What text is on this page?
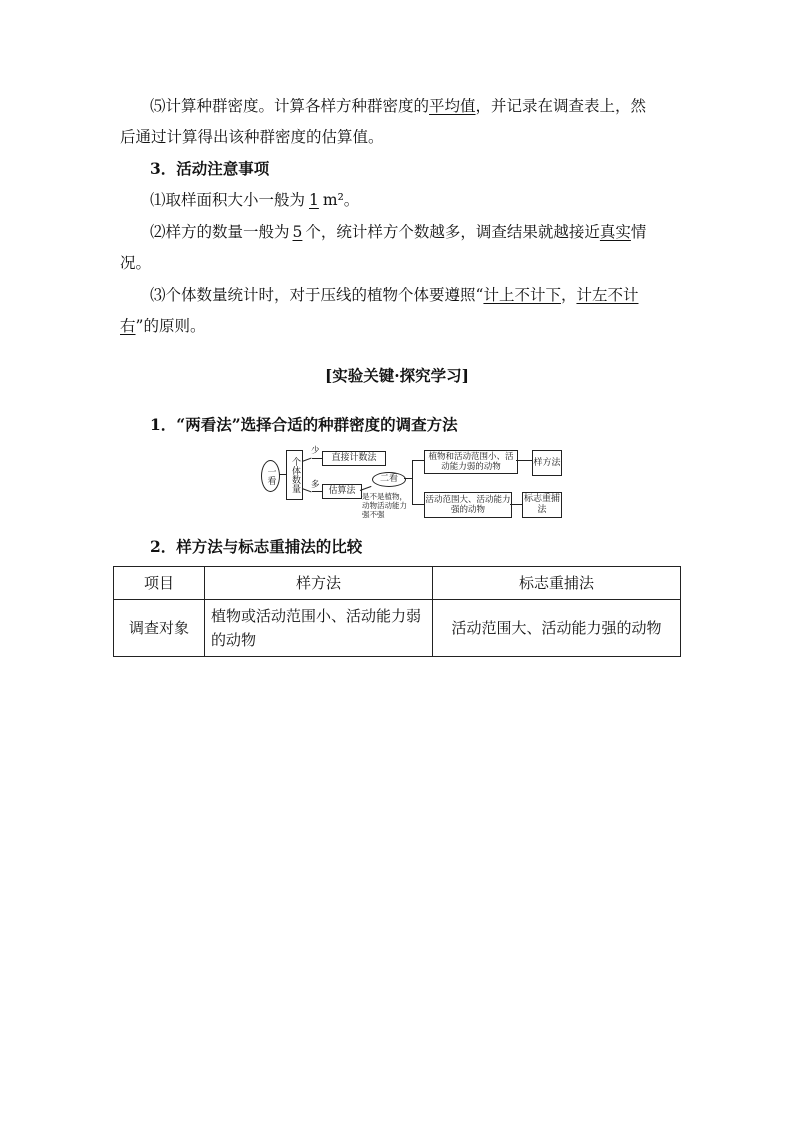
⑸计算种群密度。计算各样方种群密度的平均值，并记录在调查表上，然
后通过计算得出该种群密度的估算值。
3．活动注意事项
⑴取样面积大小一般为 1 m²。
⑵样方的数量一般为 5 个，统计样方个数越多，调查结果就越接近真实情
况。
⑶个体数量统计时，对于压线的植物个体要遵照“计上不计下，计左不计
右”的原则。
[实验关键·探究学习]
1．“两看法”选择合适的种群密度的调查方法
一看 个体数量
少
多
直接计数法
估算法
二看
是不是植物，动物活动能力强不强
植物和活动范围小、活动能力弱的动物	样方法
活动范围大、活动能力强的动物
标志重捕法
2．样方法与标志重捕法的比较
项目	样方法	标志重捕法
调查对象	植物或活动范围小、活动能力弱的动物	活动范围大、活动能力强的动物
